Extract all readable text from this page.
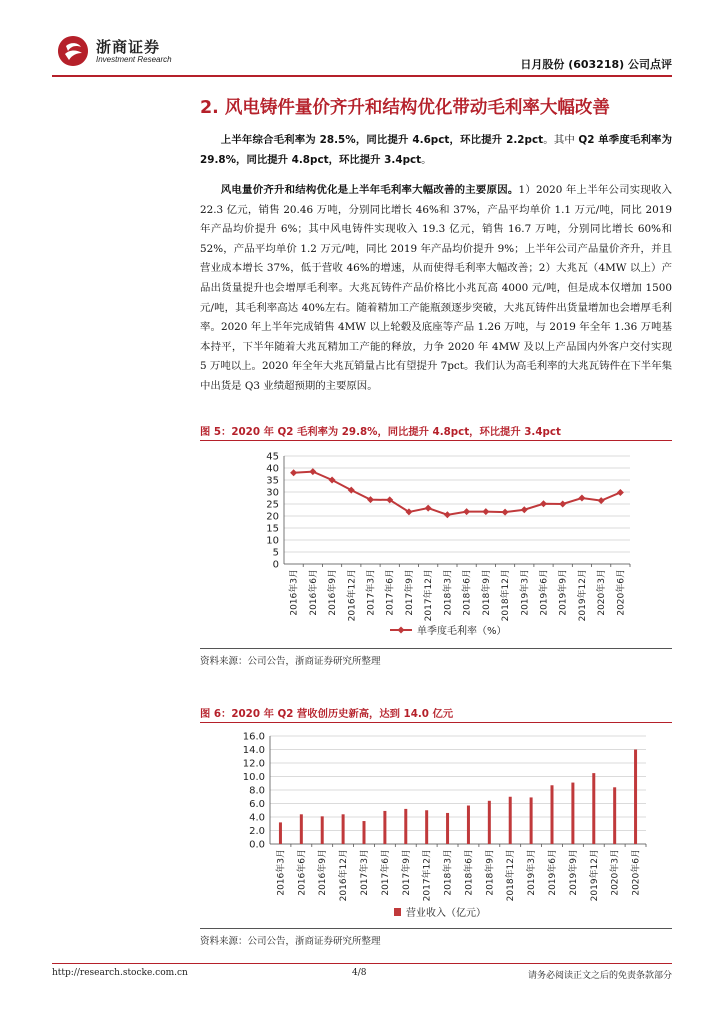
浙商证券
Investment Research	日月股份 (603218) 公司点评
2. 风电铸件量价齐升和结构优化带动毛利率大幅改善

上半年综合毛利率为 28.5%，同比提升 4.6pct，环比提升 2.2pct。其中 Q2 单季度毛利率为 29.8%，同比提升 4.8pct，环比提升 3.4pct。

风电量价齐升和结构优化是上半年毛利率大幅改善的主要原因。1）2020 年上半年公司实现收入 22.3 亿元，销售 20.46 万吨，分别同比增长 46%和 37%，产品平均单价 1.1 万元/吨，同比 2019 年产品均价提升 6%；其中风电铸件实现收入 19.3 亿元，销售 16.7 万吨，分别同比增长 60%和 52%，产品平均单价 1.2 万元/吨，同比 2019 年产品均价提升 9%；上半年公司产品量价齐升，并且营业成本增长 37%，低于营收 46%的增速，从而使得毛利率大幅改善；2）大兆瓦（4MW 以上）产品出货量提升也会增厚毛利率。大兆瓦铸件产品价格比小兆瓦高 4000 元/吨，但是成本仅增加 1500 元/吨，其毛利率高达 40%左右。随着精加工产能瓶颈逐步突破，大兆瓦铸件出货量增加也会增厚毛利率。2020 年上半年完成销售 4MW 以上轮毂及底座等产品 1.26 万吨，与 2019 年全年 1.36 万吨基本持平，下半年随着大兆瓦精加工产能的释放，力争 2020 年 4MW 及以上产品国内外客户交付实现 5 万吨以上。2020 年全年大兆瓦销量占比有望提升 7pct。我们认为高毛利率的大兆瓦铸件在下半年集中出货是 Q3 业绩超预期的主要原因。

图 5：2020 年 Q2 毛利率为 29.8%，同比提升 4.8pct，环比提升 3.4pct
0
5
10
15
20
25
30
35
40
45
2016年3月 2016年6月 2016年9月 2016年12月 2017年3月 2017年6月 2017年9月 2017年12月 2018年3月 2018年6月 2018年9月 2018年12月 2019年3月 2019年6月 2019年9月 2019年12月 2020年3月 2020年6月
单季度毛利率（%）
资料来源：公司公告，浙商证券研究所整理
图 6：2020 年 Q2 营收创历史新高，达到 14.0 亿元
0.0
2.0
4.0
6.0
8.0
10.0
12.0
14.0
16.0
2016年3月 2016年6月 2016年9月 2016年12月 2017年3月 2017年6月 2017年9月 2017年12月 2018年3月 2018年6月 2018年9月 2018年12月 2019年3月 2019年6月 2019年9月 2019年12月 2020年3月 2020年6月
营业收入（亿元）
资料来源：公司公告，浙商证券研究所整理
http://research.stocke.com.cn	4/8	请务必阅读正文之后的免责条款部分
